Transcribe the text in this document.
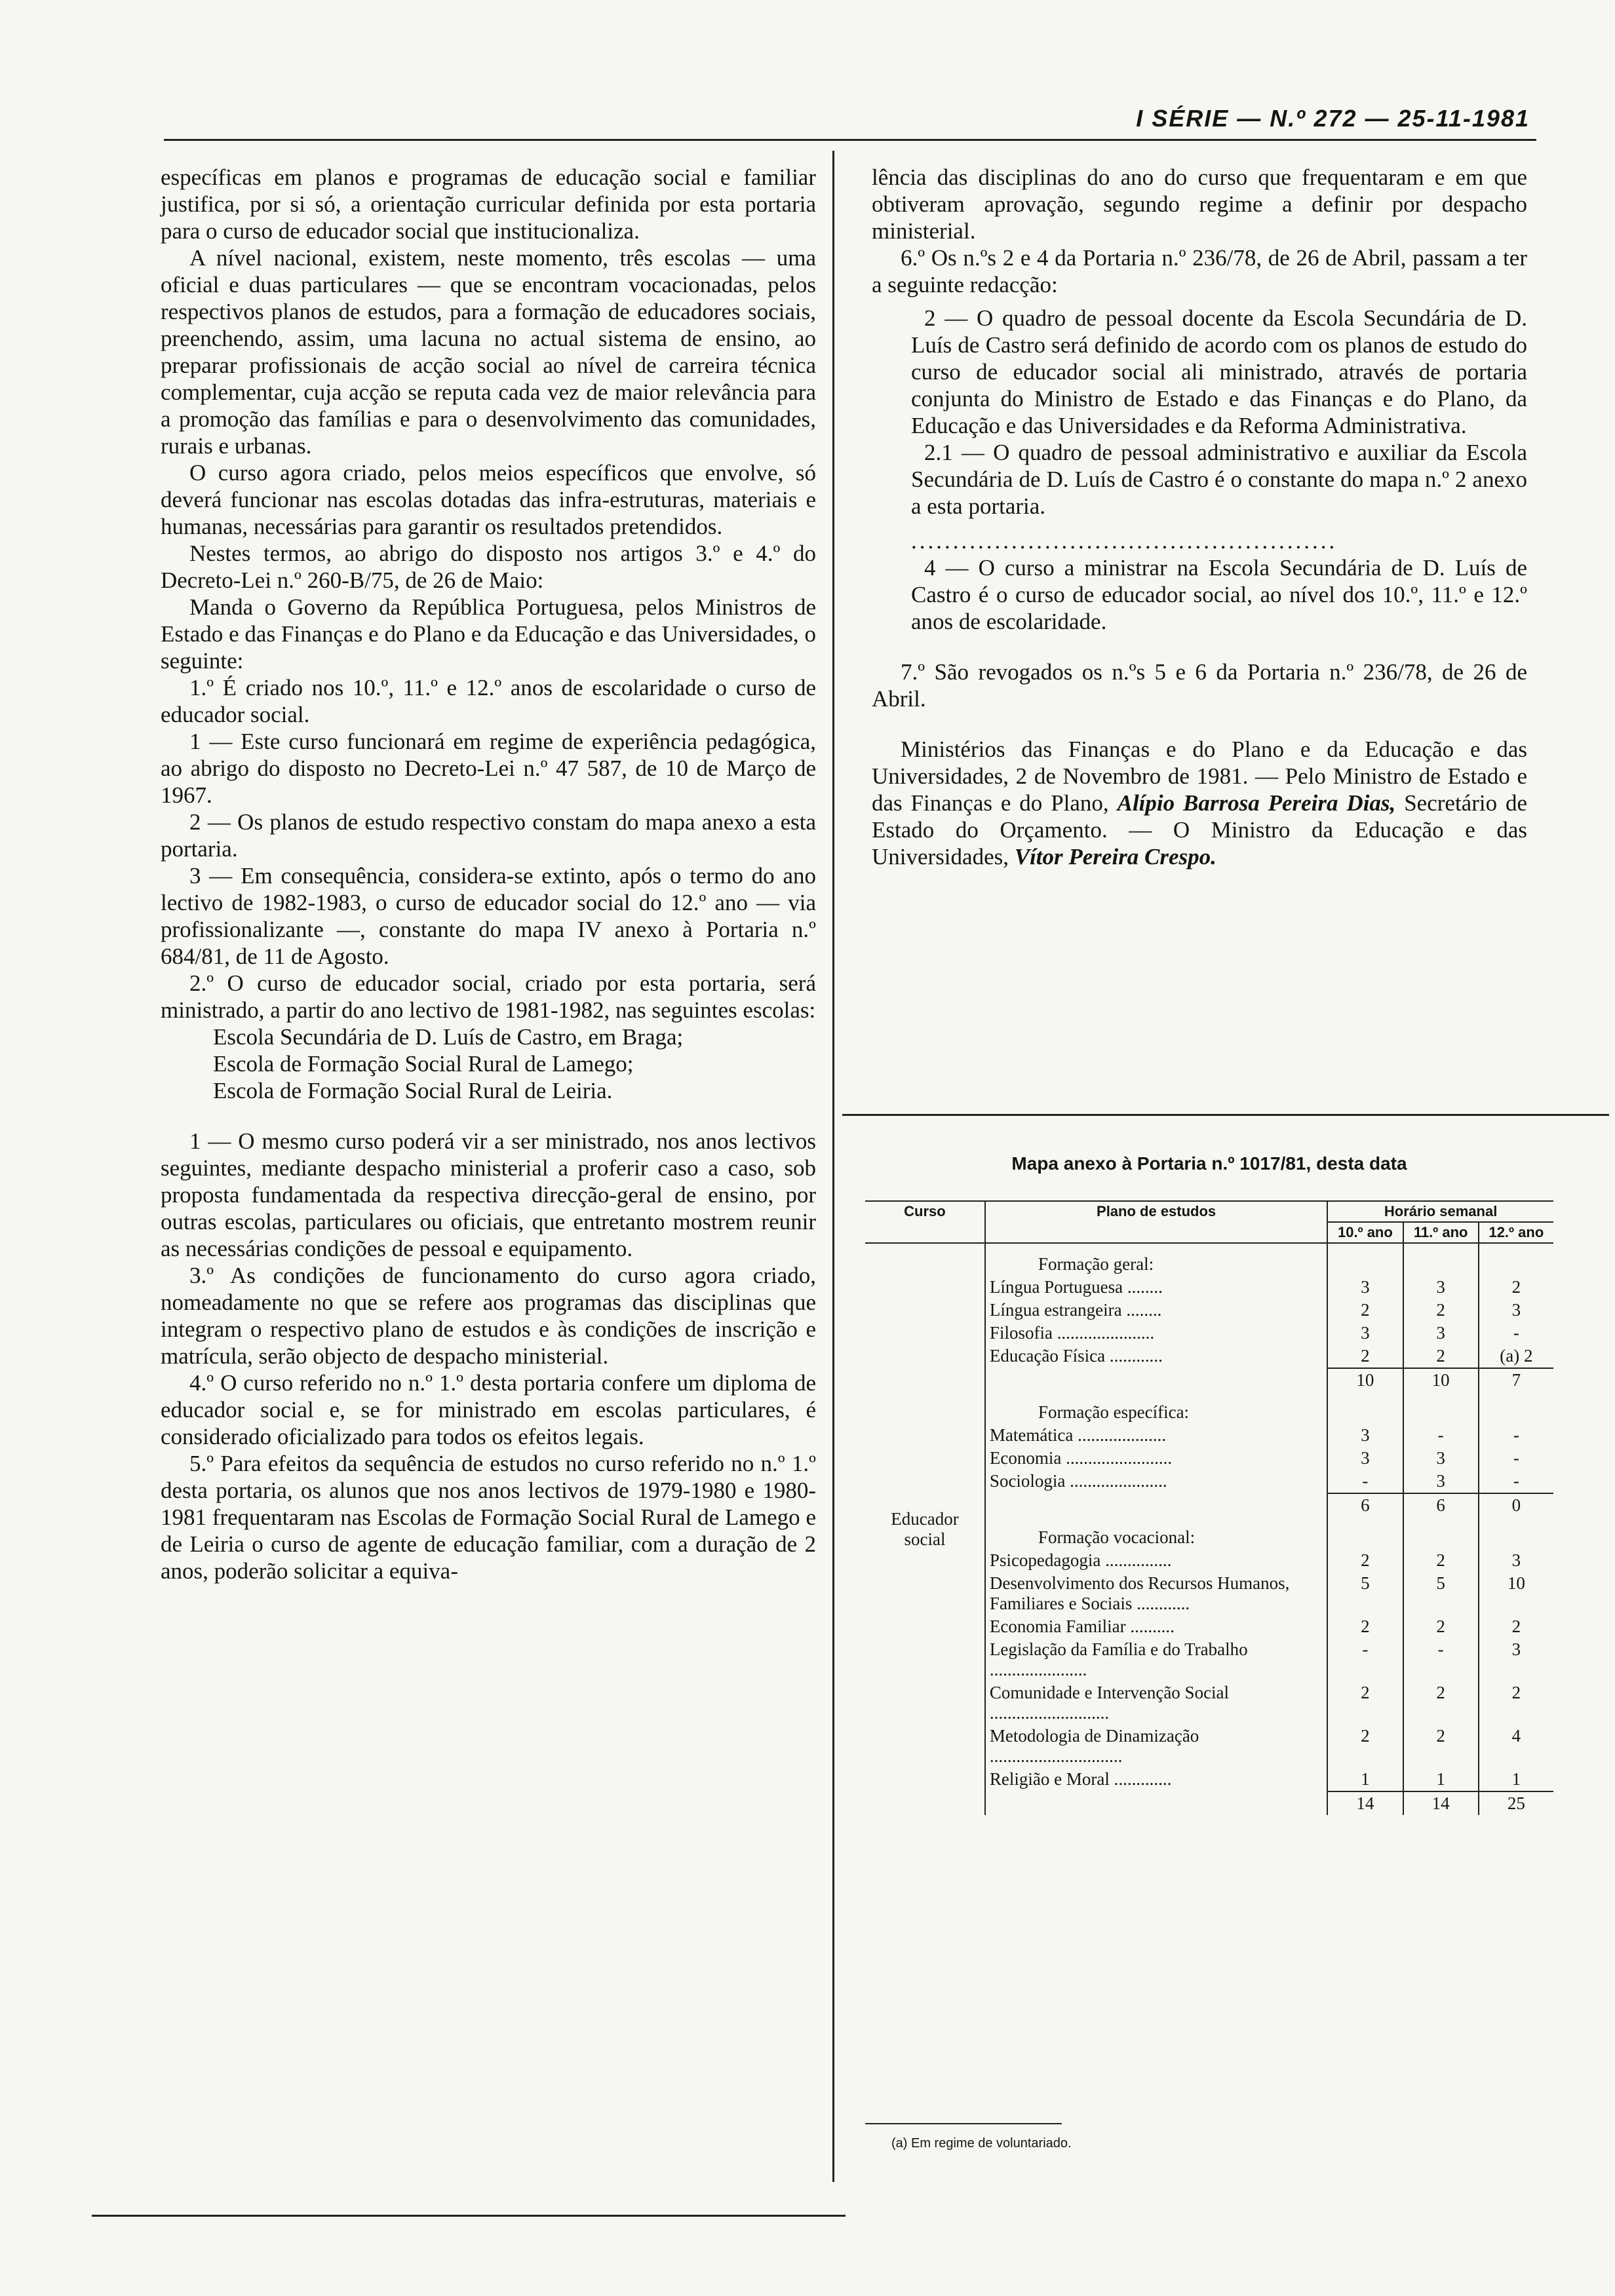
I SÉRIE — N.º 272 — 25-11-1981

específicas em planos e programas de educação social e familiar justifica, por si só, a orientação curricular definida por esta portaria para o curso de educador social que institucionaliza.

A nível nacional, existem, neste momento, três escolas — uma oficial e duas particulares — que se encontram vocacionadas, pelos respectivos planos de estudos, para a formação de educadores sociais, preenchendo, assim, uma lacuna no actual sistema de ensino, ao preparar profissionais de acção social ao nível de carreira técnica complementar, cuja acção se reputa cada vez de maior relevância para a promoção das famílias e para o desenvolvimento das comunidades, rurais e urbanas.

O curso agora criado, pelos meios específicos que envolve, só deverá funcionar nas escolas dotadas das infra-estruturas, materiais e humanas, necessárias para garantir os resultados pretendidos.

Nestes termos, ao abrigo do disposto nos artigos 3.º e 4.º do Decreto-Lei n.º 260-B/75, de 26 de Maio:

Manda o Governo da República Portuguesa, pelos Ministros de Estado e das Finanças e do Plano e da Educação e das Universidades, o seguinte:

1.º É criado nos 10.º, 11.º e 12.º anos de escolaridade o curso de educador social.

1 — Este curso funcionará em regime de experiência pedagógica, ao abrigo do disposto no Decreto-Lei n.º 47 587, de 10 de Março de 1967.

2 — Os planos de estudo respectivo constam do mapa anexo a esta portaria.

3 — Em consequência, considera-se extinto, após o termo do ano lectivo de 1982-1983, o curso de educador social do 12.º ano — via profissionalizante —, constante do mapa IV anexo à Portaria n.º 684/81, de 11 de Agosto.

2.º O curso de educador social, criado por esta portaria, será ministrado, a partir do ano lectivo de 1981-1982, nas seguintes escolas:

Escola Secundária de D. Luís de Castro, em Braga;

Escola de Formação Social Rural de Lamego;

Escola de Formação Social Rural de Leiria.

1 — O mesmo curso poderá vir a ser ministrado, nos anos lectivos seguintes, mediante despacho ministerial a proferir caso a caso, sob proposta fundamentada da respectiva direcção-geral de ensino, por outras escolas, particulares ou oficiais, que entretanto mostrem reunir as necessárias condições de pessoal e equipamento.

3.º As condições de funcionamento do curso agora criado, nomeadamente no que se refere aos programas das disciplinas que integram o respectivo plano de estudos e às condições de inscrição e matrícula, serão objecto de despacho ministerial.

4.º O curso referido no n.º 1.º desta portaria confere um diploma de educador social e, se for ministrado em escolas particulares, é considerado oficializado para todos os efeitos legais.

5.º Para efeitos da sequência de estudos no curso referido no n.º 1.º desta portaria, os alunos que nos anos lectivos de 1979-1980 e 1980-1981 frequentaram nas Escolas de Formação Social Rural de Lamego e de Leiria o curso de agente de educação familiar, com a duração de 2 anos, poderão solicitar a equiva-

lência das disciplinas do ano do curso que frequentaram e em que obtiveram aprovação, segundo regime a definir por despacho ministerial.

6.º Os n.ºs 2 e 4 da Portaria n.º 236/78, de 26 de Abril, passam a ter a seguinte redacção:

2 — O quadro de pessoal docente da Escola Secundária de D. Luís de Castro será definido de acordo com os planos de estudo do curso de educador social ali ministrado, através de portaria conjunta do Ministro de Estado e das Finanças e do Plano, da Educação e das Universidades e da Reforma Administrativa.

2.1 — O quadro de pessoal administrativo e auxiliar da Escola Secundária de D. Luís de Castro é o constante do mapa n.º 2 anexo a esta portaria.

...................................................

4 — O curso a ministrar na Escola Secundária de D. Luís de Castro é o curso de educador social, ao nível dos 10.º, 11.º e 12.º anos de escolaridade.

7.º São revogados os n.ºs 5 e 6 da Portaria n.º 236/78, de 26 de Abril.

Ministérios das Finanças e do Plano e da Educação e das Universidades, 2 de Novembro de 1981. — Pelo Ministro de Estado e das Finanças e do Plano, Alípio Barrosa Pereira Dias, Secretário de Estado do Orçamento. — O Ministro da Educação e das Universidades, Vítor Pereira Crespo.

Mapa anexo à Portaria n.º 1017/81, desta data
Curso	Plano de estudos	Horário semanal		
		10.º ano	11.º ano	12.º ano
Educador social	Formação geral:			
	Língua Portuguesa ........	3	3	2
	Língua estrangeira ........	2	2	3
	Filosofia ......................	3	3	-
	Educação Física ............	2	2	(a) 2
		10	10	7
	Formação específica:			
	Matemática ....................	3	-	-
	Economia ........................	3	3	-
	Sociologia ......................	-	3	-
		6	6	0
	Formação vocacional:			
	Psicopedagogia ...............	2	2	3
	Desenvolvimento dos Recursos Humanos, Familiares e Sociais ............	5	5	10
	Economia Familiar ..........	2	2	2
	Legislação da Família e do Trabalho ......................	-	-	3
	Comunidade e Intervenção Social ...........................	2	2	2
	Metodologia de Dinamização ..............................	2	2	4
	Religião e Moral .............	1	1	1
		14	14	25
(a) Em regime de voluntariado.
